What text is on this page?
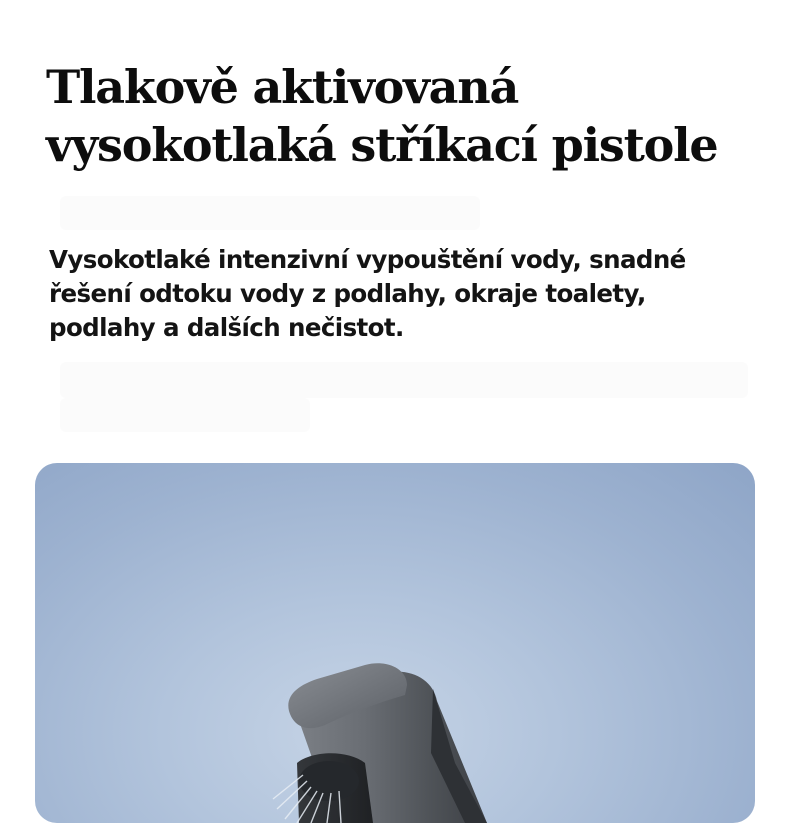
Tlakově aktivovaná
vysokotlaká stříkací pistole

Vysokotlaké intenzivní vypouštění vody, snadné
řešení odtoku vody z podlahy, okraje toalety,
podlahy a dalších nečistot.
